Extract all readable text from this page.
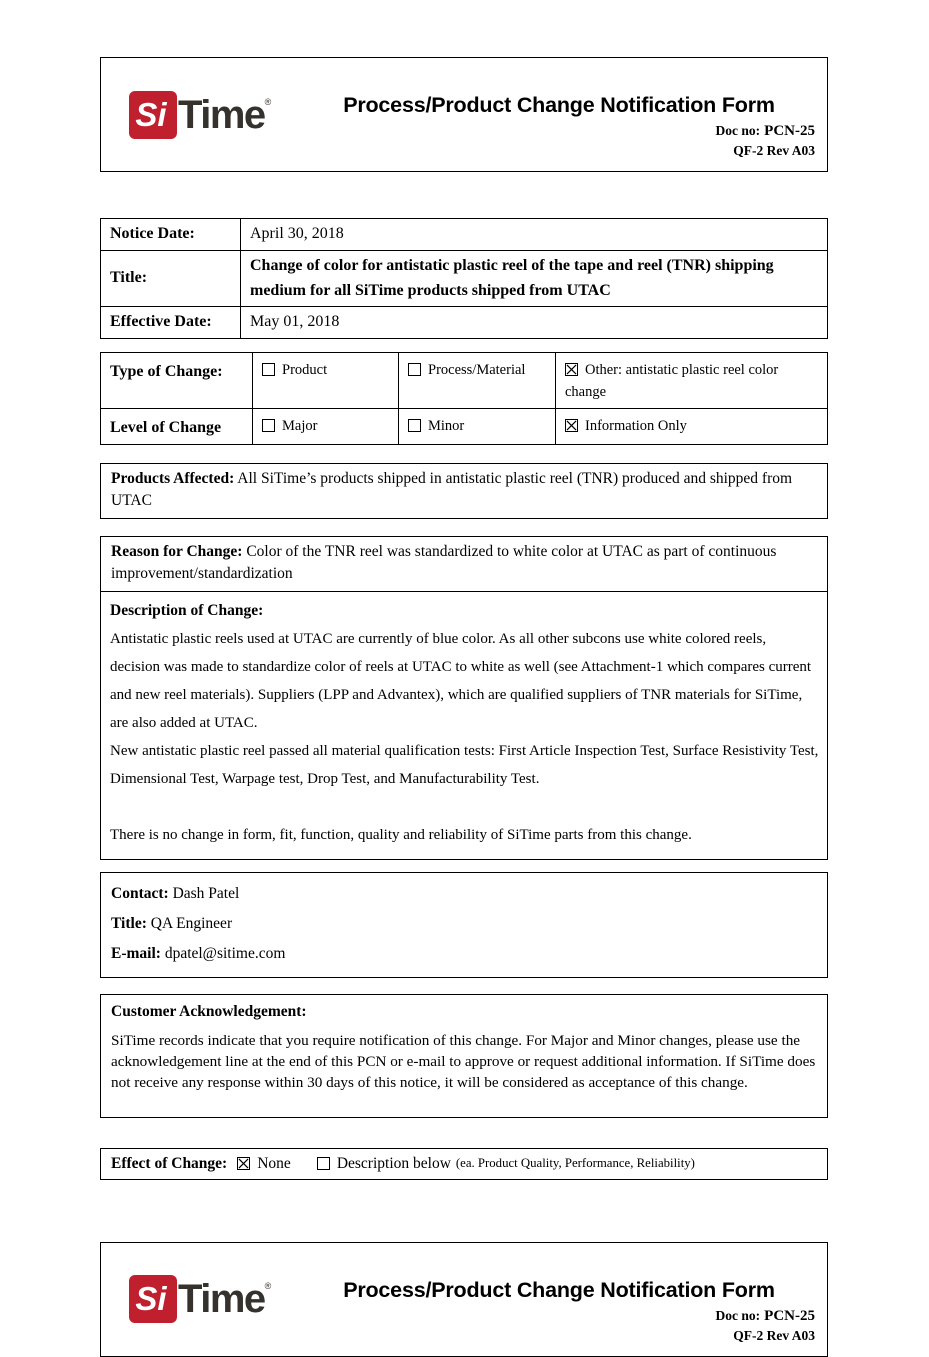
Si Time ®	Process/Product Change Notification Form
Doc no: PCN-25
QF-2 Rev A03
Notice Date:	April 30, 2018
Title:	Change of color for antistatic plastic reel of the tape and reel (TNR) shipping medium for all SiTime products shipped from UTAC
Effective Date:	May 01, 2018
Type of Change:	Product	Process/Material	Other: antistatic plastic reel color change
Level of Change	Major	Minor	Information Only
Products Affected: All SiTime’s products shipped in antistatic plastic reel (TNR) produced and shipped from UTAC
Reason for Change: Color of the TNR reel was standardized to white color at UTAC as part of continuous improvement/standardization
Description of Change:

Antistatic plastic reels used at UTAC are currently of blue color. As all other subcons use white colored reels, decision was made to standardize color of reels at UTAC to white as well (see Attachment-1 which compares current and new reel materials). Suppliers (LPP and Advantex), which are qualified suppliers of TNR materials for SiTime, are also added at UTAC.

New antistatic plastic reel passed all material qualification tests: First Article Inspection Test, Surface Resistivity Test, Dimensional Test, Warpage test, Drop Test, and Manufacturability Test.

There is no change in form, fit, function, quality and reliability of SiTime parts from this change.

Contact: Dash Patel
Title: QA Engineer
E-mail: dpatel@sitime.com
Customer Acknowledgement:
SiTime records indicate that you require notification of this change. For Major and Minor changes, please use the acknowledgement line at the end of this PCN or e-mail to approve or request additional information. If SiTime does not receive any response within 30 days of this notice, it will be considered as acceptance of this change.
Effect of Change: None	Description below (ea. Product Quality, Performance, Reliability)
Si Time ®	Process/Product Change Notification Form
Doc no: PCN-25
QF-2 Rev A03
